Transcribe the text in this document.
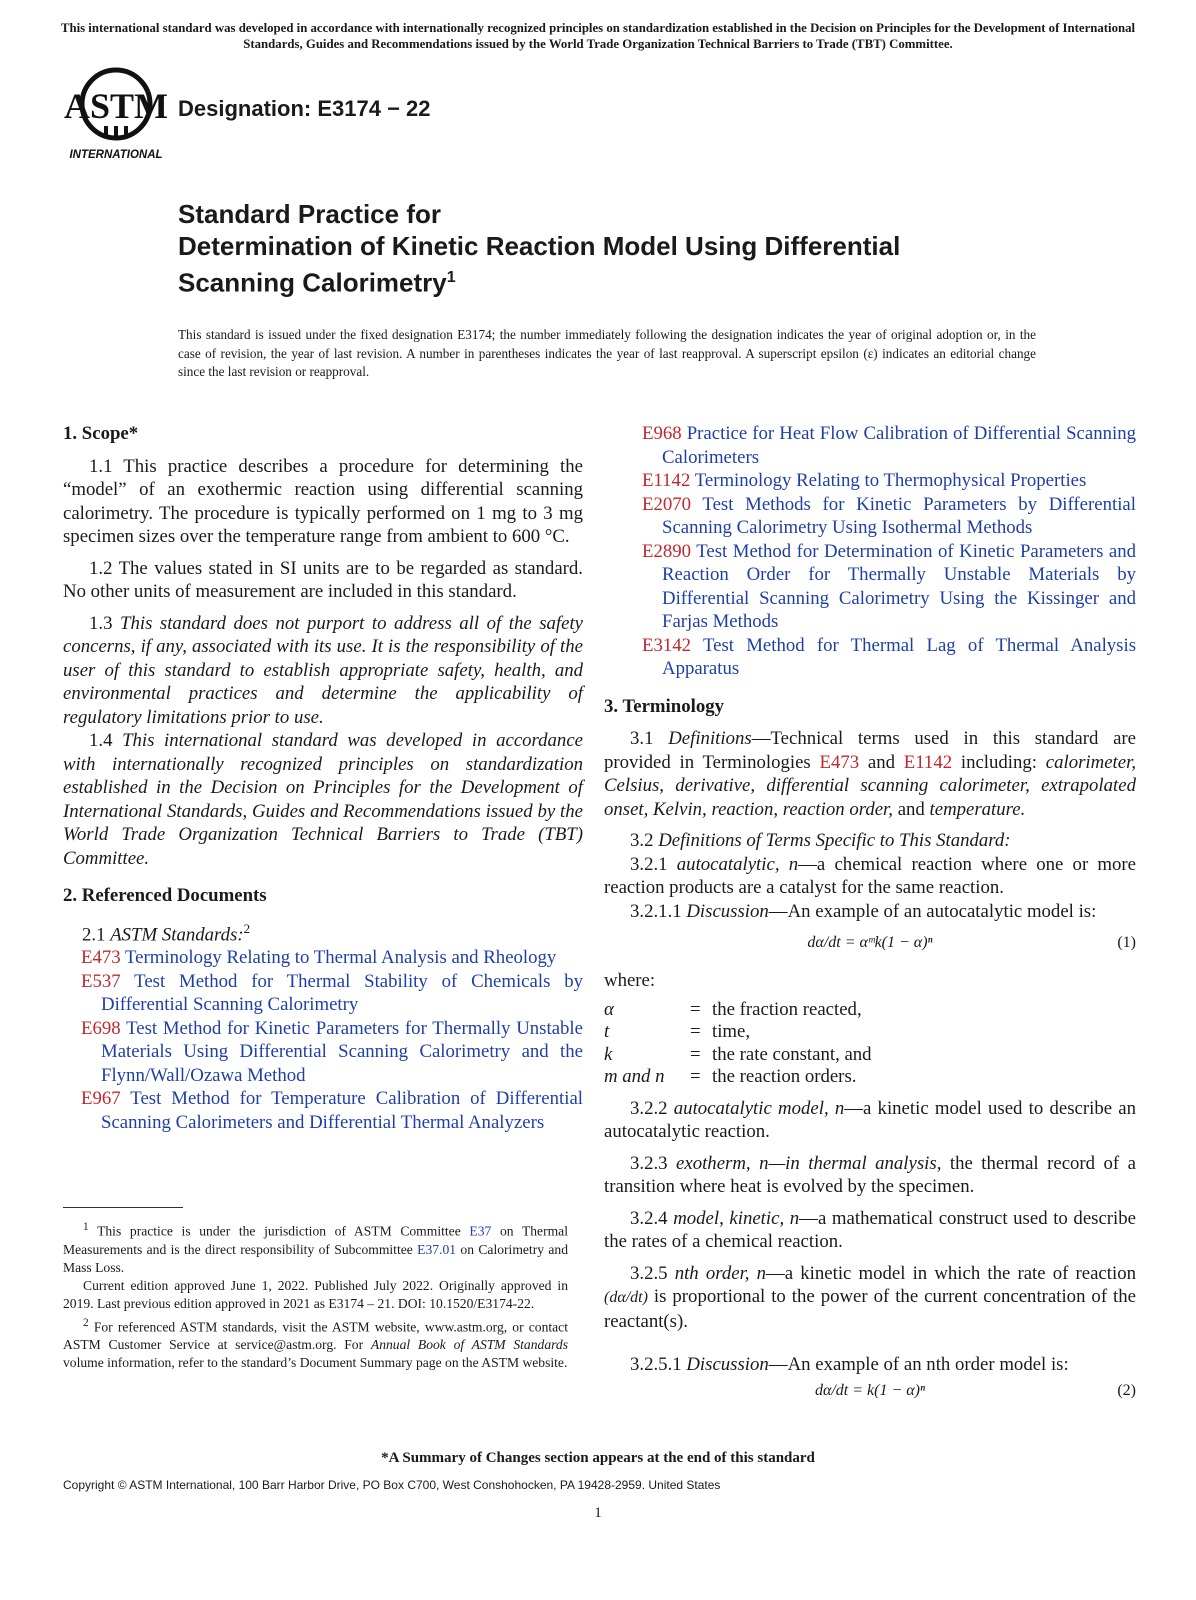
This international standard was developed in accordance with internationally recognized principles on standardization established in the Decision on Principles for the Development of International Standards, Guides and Recommendations issued by the World Trade Organization Technical Barriers to Trade (TBT) Committee.
ASTM
INTERNATIONAL
Designation: E3174 − 22
Standard Practice for
Determination of Kinetic Reaction Model Using Differential
Scanning Calorimetry$^1$
This standard is issued under the fixed designation E3174; the number immediately following the designation indicates the year of original adoption or, in the case of revision, the year of last revision. A number in parentheses indicates the year of last reapproval. A superscript epsilon (ε) indicates an editorial change since the last revision or reapproval.
1. Scope*

1.1 This practice describes a procedure for determining the “model” of an exothermic reaction using differential scanning calorimetry. The procedure is typically performed on 1 mg to 3 mg specimen sizes over the temperature range from ambient to 600 °C.

1.2 The values stated in SI units are to be regarded as standard. No other units of measurement are included in this standard.

1.3 This standard does not purport to address all of the safety concerns, if any, associated with its use. It is the responsibility of the user of this standard to establish appropriate safety, health, and environmental practices and determine the applicability of regulatory limitations prior to use.

1.4 This international standard was developed in accordance with internationally recognized principles on standardization established in the Decision on Principles for the Development of International Standards, Guides and Recommendations issued by the World Trade Organization Technical Barriers to Trade (TBT) Committee.

2. Referenced Documents

2.1 ASTM Standards:$^2$

E473 Terminology Relating to Thermal Analysis and Rheology

E537 Test Method for Thermal Stability of Chemicals by Differential Scanning Calorimetry

E698 Test Method for Kinetic Parameters for Thermally Unstable Materials Using Differential Scanning Calorimetry and the Flynn/Wall/Ozawa Method

E967 Test Method for Temperature Calibration of Differential Scanning Calorimeters and Differential Thermal Analyzers

$^1$ This practice is under the jurisdiction of ASTM Committee E37 on Thermal Measurements and is the direct responsibility of Subcommittee E37.01 on Calorimetry and Mass Loss.

Current edition approved June 1, 2022. Published July 2022. Originally approved in 2019. Last previous edition approved in 2021 as E3174 – 21. DOI: 10.1520/E3174-22.

$^2$ For referenced ASTM standards, visit the ASTM website, www.astm.org, or contact ASTM Customer Service at service@astm.org. For Annual Book of ASTM Standards volume information, refer to the standard’s Document Summary page on the ASTM website.

E968 Practice for Heat Flow Calibration of Differential Scanning Calorimeters

E1142 Terminology Relating to Thermophysical Properties

E2070 Test Methods for Kinetic Parameters by Differential Scanning Calorimetry Using Isothermal Methods

E2890 Test Method for Determination of Kinetic Parameters and Reaction Order for Thermally Unstable Materials by Differential Scanning Calorimetry Using the Kissinger and Farjas Methods

E3142 Test Method for Thermal Lag of Thermal Analysis Apparatus

3. Terminology

3.1 Definitions—Technical terms used in this standard are provided in Terminologies E473 and E1142 including: calorimeter, Celsius, derivative, differential scanning calorimeter, extrapolated onset, Kelvin, reaction, reaction order, and temperature.

3.2 Definitions of Terms Specific to This Standard:

3.2.1 autocatalytic, n—a chemical reaction where one or more reaction products are a catalyst for the same reaction.

3.2.1.1 Discussion—An example of an autocatalytic model is:

dα/dt = αᵐk(1 − α)ⁿ	(1)

where:

α	=	the fraction reacted,
t	=	time,
k	=	the rate constant, and
m and n	=	the reaction orders.

3.2.2 autocatalytic model, n—a kinetic model used to describe an autocatalytic reaction.

3.2.3 exotherm, n—in thermal analysis, the thermal record of a transition where heat is evolved by the specimen.

3.2.4 model, kinetic, n—a mathematical construct used to describe the rates of a chemical reaction.

3.2.5 nth order, n—a kinetic model in which the rate of reaction (dα/dt) is proportional to the power of the current concentration of the reactant(s).

3.2.5.1 Discussion—An example of an nth order model is:

dα/dt = k(1 − α)ⁿ	(2)
*A Summary of Changes section appears at the end of this standard
Copyright © ASTM International, 100 Barr Harbor Drive, PO Box C700, West Conshohocken, PA 19428-2959. United States
1
